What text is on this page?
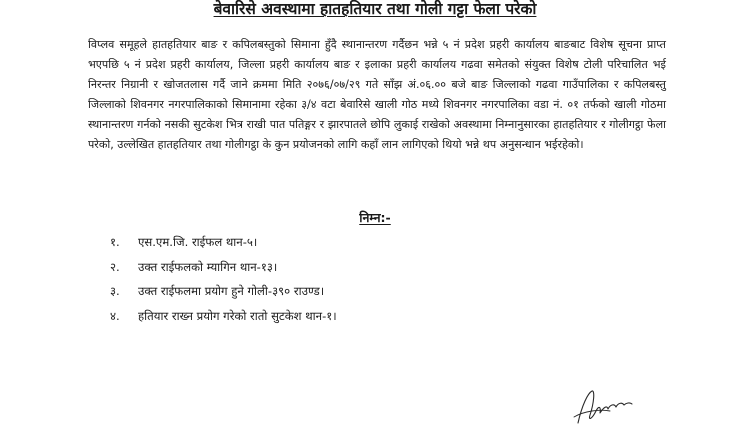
बेवारिसे अवस्थामा हातहतियार तथा गोली गट्टा फेला परेको

विप्लव समूहले हातहतियार बाङ र कपिलबस्तुको सिमाना हुँदै स्थानान्तरण गर्दैछन भन्ने ५ नं प्रदेश प्रहरी कार्यालय बाङबाट विशेष सूचना प्राप्त भएपछि ५ नं प्रदेश प्रहरी कार्यालय, जिल्ला प्रहरी कार्यालय बाङ र इलाका प्रहरी कार्यालय गढवा समेतको संयुक्त विशेष टोली परिचालित भई निरन्तर निग्रानी र खोजतलास गर्दै जाने क्रममा मिति २०७६/०७/२९ गते साँझ अं.०६.०० बजे बाङ जिल्लाको गढवा गाउँपालिका र कपिलबस्तु जिल्लाको शिवनगर नगरपालिकाको सिमानामा रहेका ३/४ वटा बेवारिसे खाली गोठ मध्ये शिवनगर नगरपालिका वडा नं. ०१ तर्फको खाली गोठमा स्थानान्तरण गर्नको नसकी सुटकेश भित्र राखी पात पतिङ्गर र झारपातले छोपि लुकाई राखेको अवस्थामा निम्नानुसारका हातहतियार र गोलीगट्ठा फेला परेको, उल्लेखित हातहतियार तथा गोलीगट्ठा के कुन प्रयोजनको लागि कहाँ लान लागिएको थियो भन्ने थप अनुसन्धान भईरहेको।

निम्न:-
१.	एस.एम.जि. राईफल थान-५।
२.	उक्त राईफलको म्यागिन थान-१३।
३.	उक्त राईफलमा प्रयोग हुने गोली-३९० राउण्ड।
४.	हतियार राख्न प्रयोग गरेको रातो सुटकेश थान-१।
